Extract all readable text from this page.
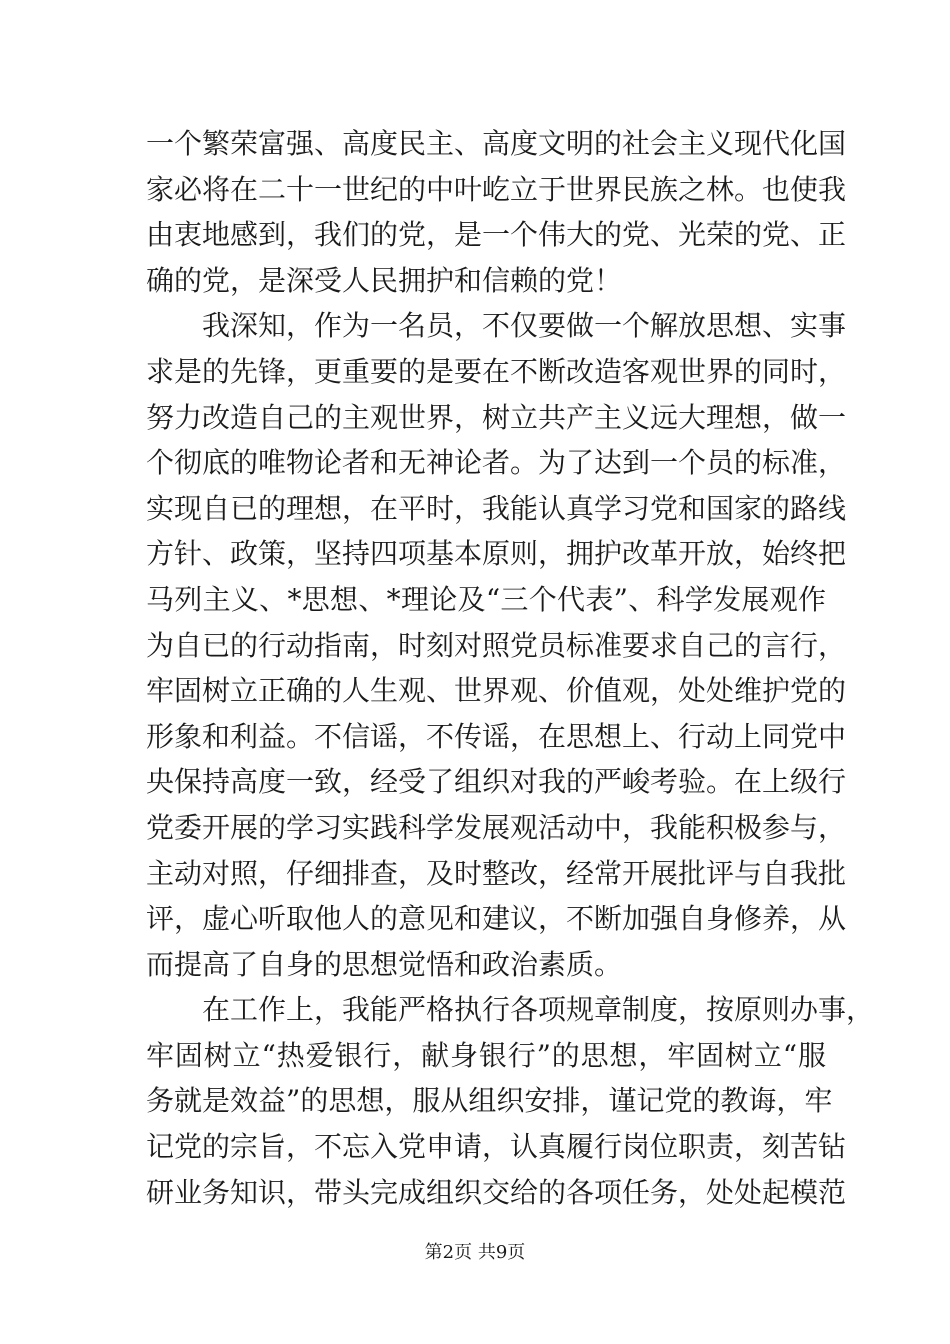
一个繁荣富强、高度民主、高度文明的社会主义现代化国
家必将在二十一世纪的中叶屹立于世界民族之林。也使我
由衷地感到，我们的党，是一个伟大的党、光荣的党、正
确的党，是深受人民拥护和信赖的党！
我深知，作为一名员，不仅要做一个解放思想、实事
求是的先锋，更重要的是要在不断改造客观世界的同时，
努力改造自己的主观世界，树立共产主义远大理想，做一
个彻底的唯物论者和无神论者。为了达到一个员的标准，
实现自已的理想，在平时，我能认真学习党和国家的路线
方针、政策，坚持四项基本原则，拥护改革开放，始终把
马列主义、*思想、*理论及“三个代表”、科学发展观作
为自已的行动指南，时刻对照党员标准要求自己的言行，
牢固树立正确的人生观、世界观、价值观，处处维护党的
形象和利益。不信谣，不传谣，在思想上、行动上同党中
央保持高度一致，经受了组织对我的严峻考验。在上级行
党委开展的学习实践科学发展观活动中，我能积极参与，
主动对照，仔细排查，及时整改，经常开展批评与自我批
评，虚心听取他人的意见和建议，不断加强自身修养，从
而提高了自身的思想觉悟和政治素质。
在工作上，我能严格执行各项规章制度，按原则办事，
牢固树立“热爱银行，献身银行”的思想，牢固树立“服
务就是效益”的思想，服从组织安排，谨记党的教诲，牢
记党的宗旨，不忘入党申请，认真履行岗位职责，刻苦钻
研业务知识，带头完成组织交给的各项任务，处处起模范
第2页 共9页
